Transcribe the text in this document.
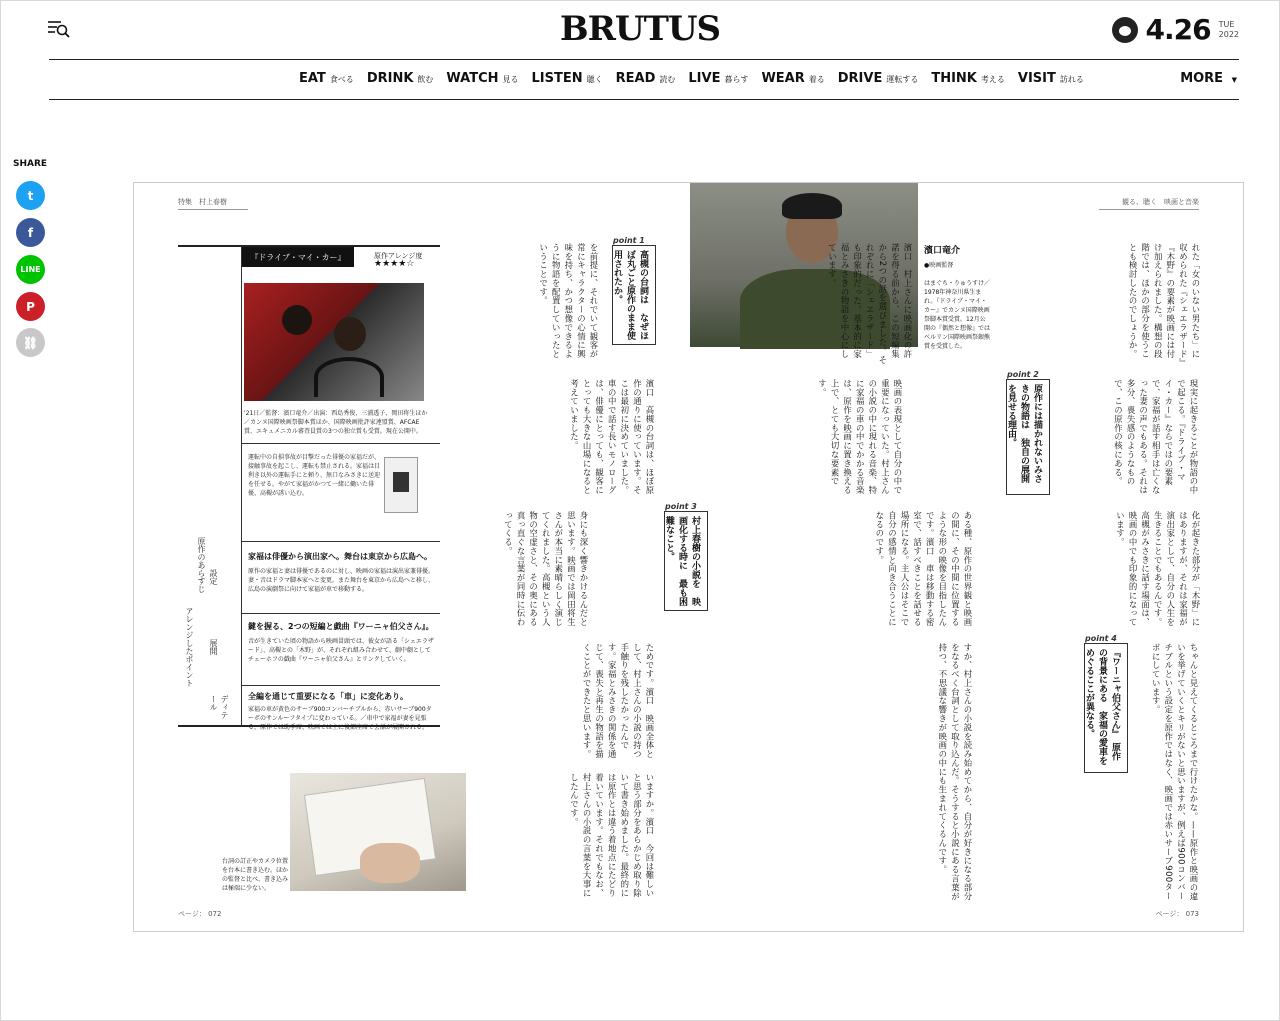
BRUTUS	4.26 TUE
2022
EAT 食べる DRINK 飲む WATCH 見る LISTEN 聴く READ 読む LIVE 暮らす WEAR 着る DRIVE 運転する THINK 考える VISIT 訪れる	MORE ▼
SHARE
t
f
LINE
P
⛓
特集　村上春樹	観る、聴く　映画と音楽
原作のあらすじ
アレンジしたポイント
設定
展開
ディテール
『ドライブ・マイ・カー』	原作アレンジ度
★★★★☆
'21日／監督：濱口竜介／出演：西島秀俊、三浦透子、岡田将生ほか／カンヌ国際映画祭脚本賞ほか、国際映画批評家連盟賞、AFCAE賞、エキュメニカル審査員賞の3つの独立賞も受賞。現在公開中。
運転中の自損事故が目撃だった俳優の家福だが、接触事故を起こし、運転も禁止される。家福は目利き以外の運転手にと頼り、無口なみさきに送迎を任せる。やがて家福がかつて一緒に働いた俳優、高槻が誘い込む。
家福は俳優から演出家へ。舞台は東京から広島へ。
原作の家福と妻は俳優であるのに対し、映画の家福は演出家兼俳優。妻・音はドラマ脚本家へと変更。また舞台を東京から広島へと移し、広島の演劇祭に向けて家福が車で移動する。
鍵を握る、2つの短編と戯曲『ワーニャ伯父さん』。
音が生きていた頃の物語から映画冒頭では、彼女が語る「シェエラザード」、高槻との「木野」が、それぞれ組み合わせて、劇中劇としてチェーホフの戯曲『ワーニャ伯父さん』とリンクしていく。
全編を通じて重要になる「車」に変化あり。
家福の車が黄色のサーブ900コンバーチブルから、赤いサーブ900ターボのサンルーフタイプに変わっている。／車中で家福が妻を見張る、原作では助手席、映画では主に後部座席で会話が展開される。
台詞の訂正やカメラ位置を台本に書き込む。ほかの監督と比べ、書き込みは極端に少ない。
ページ： 072	ページ： 073
濱口竜介
●映画監督
はまぐち・りゅうすけ／1978年神奈川県生まれ。『ドライブ・マイ・カー』でカンヌ国際映画祭脚本賞受賞。12月公開の『偶然と想像』ではベルリン国際映画祭銀熊賞を受賞した。	れた「女のいない男たち」に収められた『シェエラザード』『木野』の要素が映画には付け加えられました。構想の段階では、ほかの部分を使うことも検討したのでしょうか。
濱口　村上さんに映画化の許諾を得る前から、この短編集から2つの話を選びました。それぞれに「シェエラザード」も印象的だった。基本的に家福とみさきの物語を中心にしています。
現実に起きることが物語の中で起こる。『ドライブ・マイ・カー』ならではの要素で、家福が話す相手は亡くなった妻の声でもある。それは多分、喪失感のようなもので、この原作の核にある。
映画の表現として自分の中で重要になっていた。村上さんの小説の中に現れる音楽、特に家福の車の中でかかる音楽は、原作を映画に置き換える上で、とても大切な要素です。
化が起きた部分が「木野」にはありますが、それは家福が演出家として、自分の人生を生きることでもあるんです。高槻がみさきに話す場面は、映画の中でも印象的になっています。
ちゃんと見えてくるところまで行けたかな。——原作と映画の違いを挙げていくとキリがないと思いますが、例えば900コンバーチブルという設定を原作ではなく、映画では赤いサーブ900ターボにしています。
ある種、原作の世界観と映画の間に、その中間に位置するような形の映像を目指したんです。濱口　車は移動する密室で、話すべきことを話せる場所になる。主人公はそこで自分の感情と向き合うことになるのです。
すか、村上さんの小説を読み始めてから、自分が好きになる部分をなるべく台詞として取り込んだ。そうすると小説にある言葉が持つ、不思議な響きが映画の中にも生まれてくるんです。
を前提に、それでいて観客が常にキャラクターの心情に興味を持ち、かつ想像できるように物語を配置していったということです。
濱口　高槻の台詞は、ほぼ原作の通りに使っています。そこは最初に決めていました。車の中で話す長いモノローグは、俳優にとっても、観客にとっても大きな山場になると考えていました。
身にも深く響きかけるんだと思います。映画では岡田将生さんが本当に素晴らしく演じてくれました。高槻という人物の空虚さと、その奥にある真っ直ぐな言葉が同時に伝わってくる。
ためです。濱口　映画全体として、村上さんの小説の持つ手触りを残したかったんです。家福とみさきの関係を通じて、喪失と再生の物語を描くことができたと思います。
いますか。濱口　今回は難しいと思う部分をあらかじめ取り除いて書き始めました。最終的には原作とは違う着地点にたどり着いています。それでもなお、村上さんの小説の言葉を大事にしたんです。
point 1
高槻の台詞は　なぜほぼ丸ごと原作のまま使用されたか。
point 2
原作には描かれないみさきの物語は　独自の展開を見せる理由。
point 3
村上春樹の小説を　映画化する時に　最も困難なこと。
point 4
『ワーニャ伯父さん』　原作の背景にある　家福の愛車をめぐるここが異なる。
